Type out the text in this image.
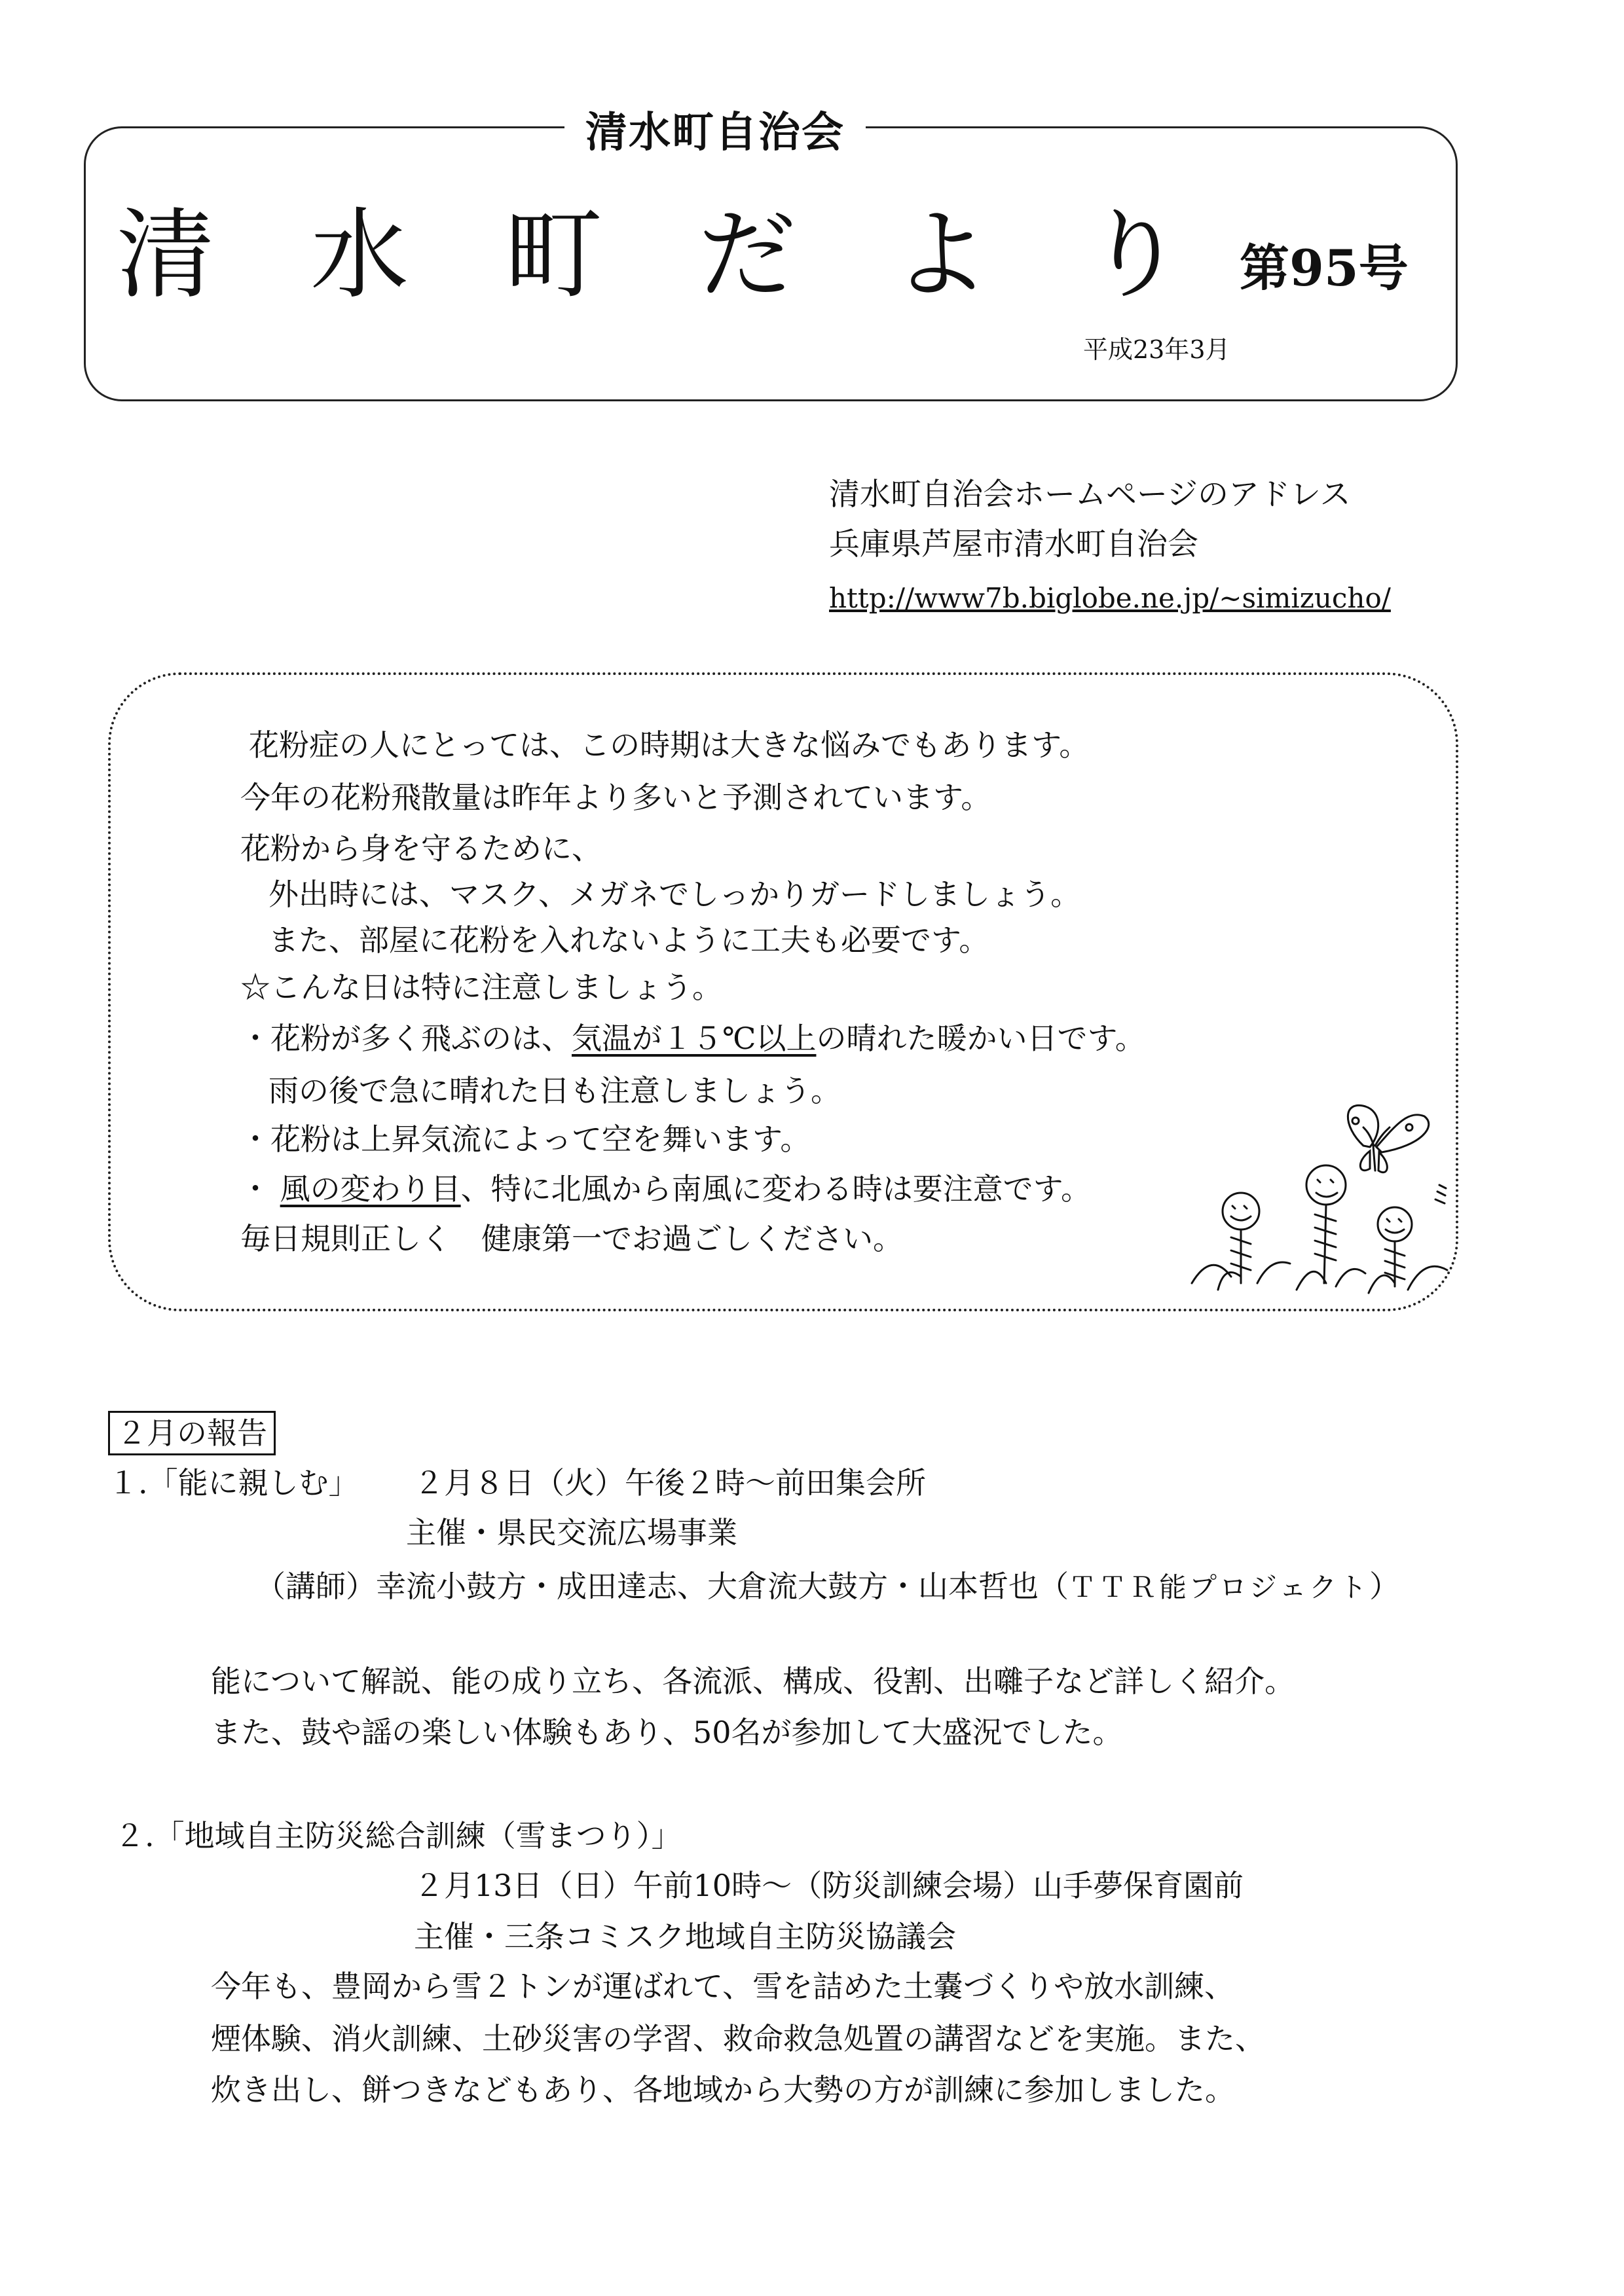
清水町自治会
清水町だより
第95号
平成23年3月
清水町自治会ホームページのアドレス
兵庫県芦屋市清水町自治会
http://www7b.biglobe.ne.jp/~simizucho/
花粉症の人にとっては、この時期は大きな悩みでもあります。
今年の花粉飛散量は昨年より多いと予測されています。
花粉から身を守るために、
外出時には、マスク、メガネでしっかりガードしましょう。
また、部屋に花粉を入れないように工夫も必要です。
☆こんな日は特に注意しましょう。
・花粉が多く飛ぶのは、気温が１５℃以上の晴れた暖かい日です。
雨の後で急に晴れた日も注意しましょう。
・花粉は上昇気流によって空を舞います。
・ 風の変わり目、特に北風から南風に変わる時は要注意です。
毎日規則正しく　健康第一でお過ごしください。
２月の報告
１.「能に親しむ」 ２月８日（火）午後２時～前田集会所
主催・県民交流広場事業
（講師）幸流小鼓方・成田達志、大倉流大鼓方・山本哲也（ＴＴＲ能プロジェクト）
能について解説、能の成り立ち、各流派、構成、役割、出囃子など詳しく紹介。
また、鼓や謡の楽しい体験もあり、50名が参加して大盛況でした。
２.「地域自主防災総合訓練（雪まつり）」
２月13日（日）午前10時～（防災訓練会場）山手夢保育園前
主催・三条コミスク地域自主防災協議会
今年も、豊岡から雪２トンが運ばれて、雪を詰めた土嚢づくりや放水訓練、
煙体験、消火訓練、土砂災害の学習、救命救急処置の講習などを実施。また、
炊き出し、餅つきなどもあり、各地域から大勢の方が訓練に参加しました。
